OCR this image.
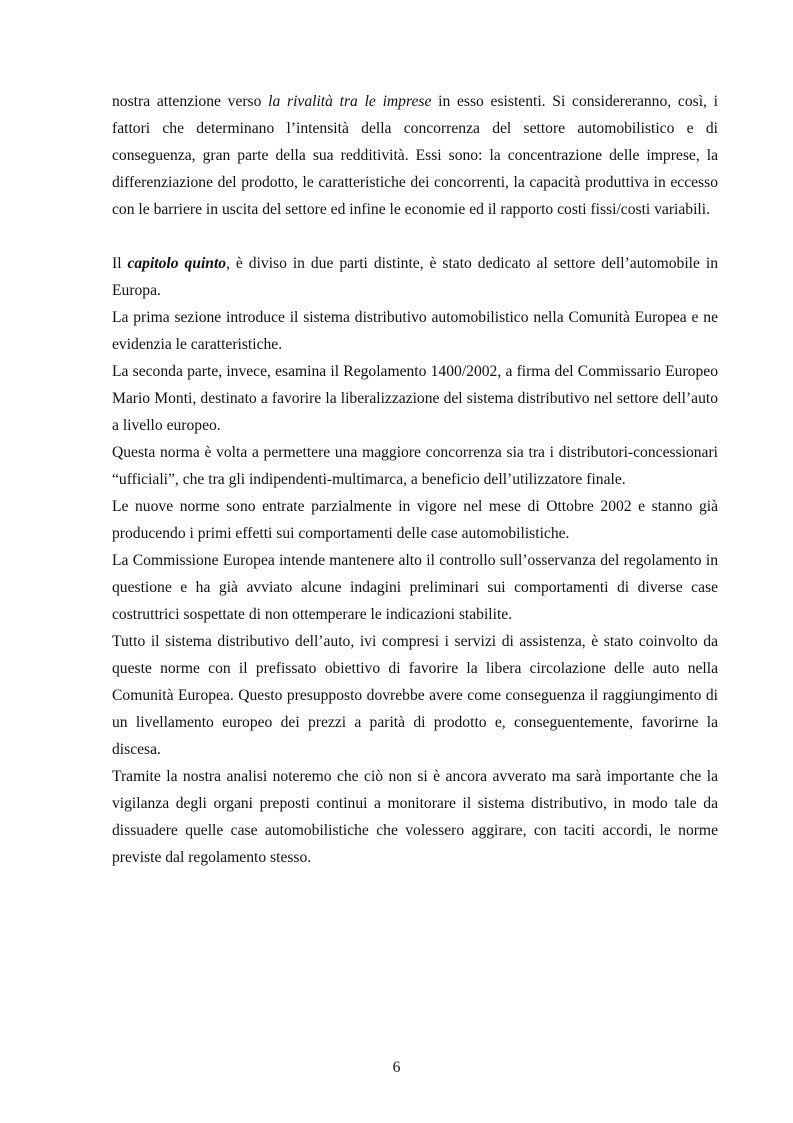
nostra attenzione verso la rivalità tra le imprese in esso esistenti. Si considereranno, così, i fattori che determinano l’intensità della concorrenza del settore automobilistico e di conseguenza, gran parte della sua redditività. Essi sono: la concentrazione delle imprese, la differenziazione del prodotto, le caratteristiche dei concorrenti, la capacità produttiva in eccesso con le barriere in uscita del settore ed infine le economie ed il rapporto costi fissi/costi variabili.

Il capitolo quinto, è diviso in due parti distinte, è stato dedicato al settore dell’automobile in Europa.

La prima sezione introduce il sistema distributivo automobilistico nella Comunità Europea e ne evidenzia le caratteristiche.

La seconda parte, invece, esamina il Regolamento 1400/2002, a firma del Commissario Europeo Mario Monti, destinato a favorire la liberalizzazione del sistema distributivo nel settore dell’auto a livello europeo.

Questa norma è volta a permettere una maggiore concorrenza sia tra i distributori-concessionari “ufficiali”, che tra gli indipendenti-multimarca, a beneficio dell’utilizzatore finale.

Le nuove norme sono entrate parzialmente in vigore nel mese di Ottobre 2002 e stanno già producendo i primi effetti sui comportamenti delle case automobilistiche.

La Commissione Europea intende mantenere alto il controllo sull’osservanza del regolamento in questione e ha già avviato alcune indagini preliminari sui comportamenti di diverse case costruttrici sospettate di non ottemperare le indicazioni stabilite.

Tutto il sistema distributivo dell’auto, ivi compresi i servizi di assistenza, è stato coinvolto da queste norme con il prefissato obiettivo di favorire la libera circolazione delle auto nella Comunità Europea. Questo presupposto dovrebbe avere come conseguenza il raggiungimento di un livellamento europeo dei prezzi a parità di prodotto e, conseguentemente, favorirne la discesa.

Tramite la nostra analisi noteremo che ciò non si è ancora avverato ma sarà importante che la vigilanza degli organi preposti continui a monitorare il sistema distributivo, in modo tale da dissuadere quelle case automobilistiche che volessero aggirare, con taciti accordi, le norme previste dal regolamento stesso.

6
